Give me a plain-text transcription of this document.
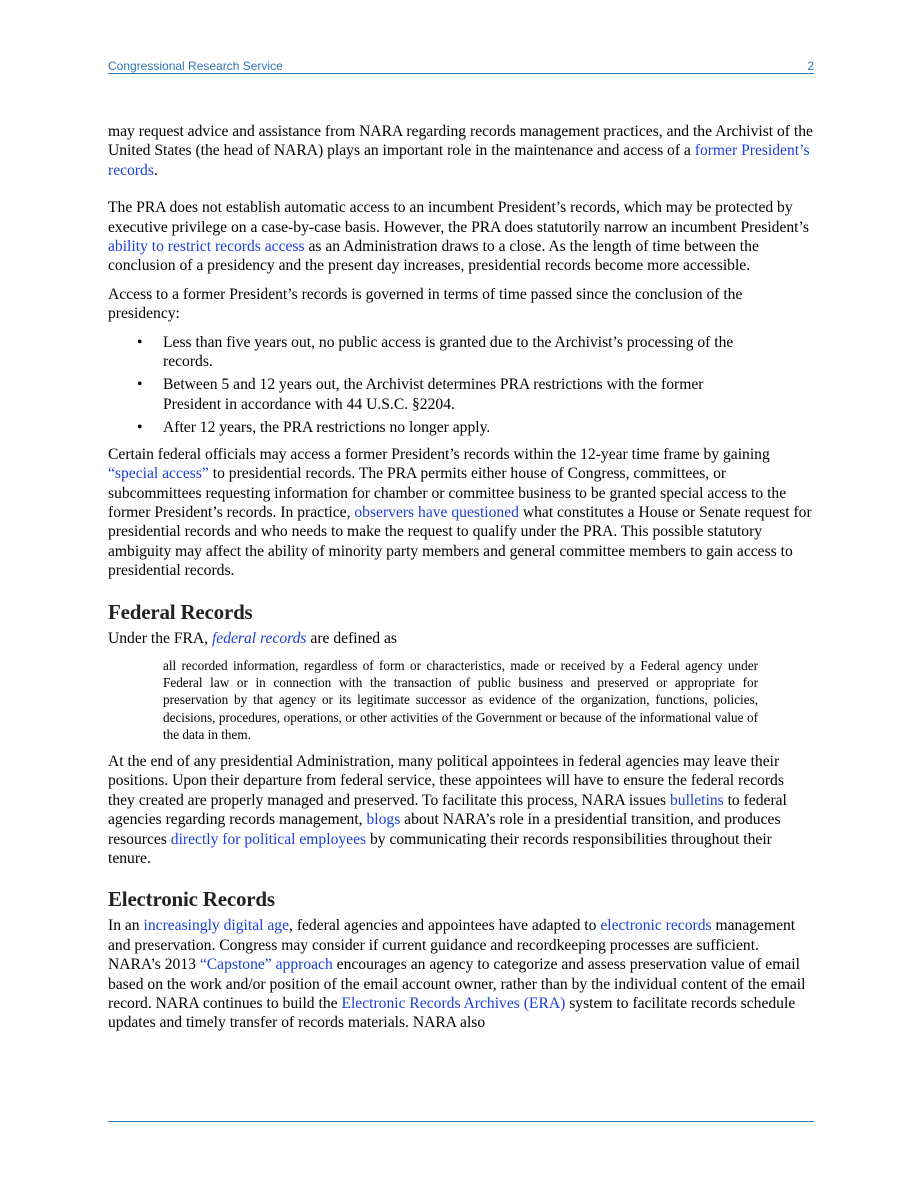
Congressional Research Service	2

may request advice and assistance from NARA regarding records management practices, and the Archivist of the United States (the head of NARA) plays an important role in the maintenance and access of a former President’s records.

The PRA does not establish automatic access to an incumbent President’s records, which may be protected by executive privilege on a case-by-case basis. However, the PRA does statutorily narrow an incumbent President’s ability to restrict records access as an Administration draws to a close. As the length of time between the conclusion of a presidency and the present day increases, presidential records become more accessible.

Access to a former President’s records is governed in terms of time passed since the conclusion of the presidency:

• Less than five years out, no public access is granted due to the Archivist’s processing of the records.
• Between 5 and 12 years out, the Archivist determines PRA restrictions with the former President in accordance with 44 U.S.C. §2204.
• After 12 years, the PRA restrictions no longer apply.

Certain federal officials may access a former President’s records within the 12-year time frame by gaining “special access” to presidential records. The PRA permits either house of Congress, committees, or subcommittees requesting information for chamber or committee business to be granted special access to the former President’s records. In practice, observers have questioned what constitutes a House or Senate request for presidential records and who needs to make the request to qualify under the PRA. This possible statutory ambiguity may affect the ability of minority party members and general committee members to gain access to presidential records.

Federal Records

Under the FRA, federal records are defined as

all recorded information, regardless of form or characteristics, made or received by a Federal agency under Federal law or in connection with the transaction of public business and preserved or appropriate for preservation by that agency or its legitimate successor as evidence of the organization, functions, policies, decisions, procedures, operations, or other activities of the Government or because of the informational value of the data in them.

At the end of any presidential Administration, many political appointees in federal agencies may leave their positions. Upon their departure from federal service, these appointees will have to ensure the federal records they created are properly managed and preserved. To facilitate this process, NARA issues bulletins to federal agencies regarding records management, blogs about NARA’s role in a presidential transition, and produces resources directly for political employees by communicating their records responsibilities throughout their tenure.

Electronic Records

In an increasingly digital age, federal agencies and appointees have adapted to electronic records management and preservation. Congress may consider if current guidance and recordkeeping processes are sufficient. NARA’s 2013 “Capstone” approach encourages an agency to categorize and assess preservation value of email based on the work and/or position of the email account owner, rather than by the individual content of the email record. NARA continues to build the Electronic Records Archives (ERA) system to facilitate records schedule updates and timely transfer of records materials. NARA also
